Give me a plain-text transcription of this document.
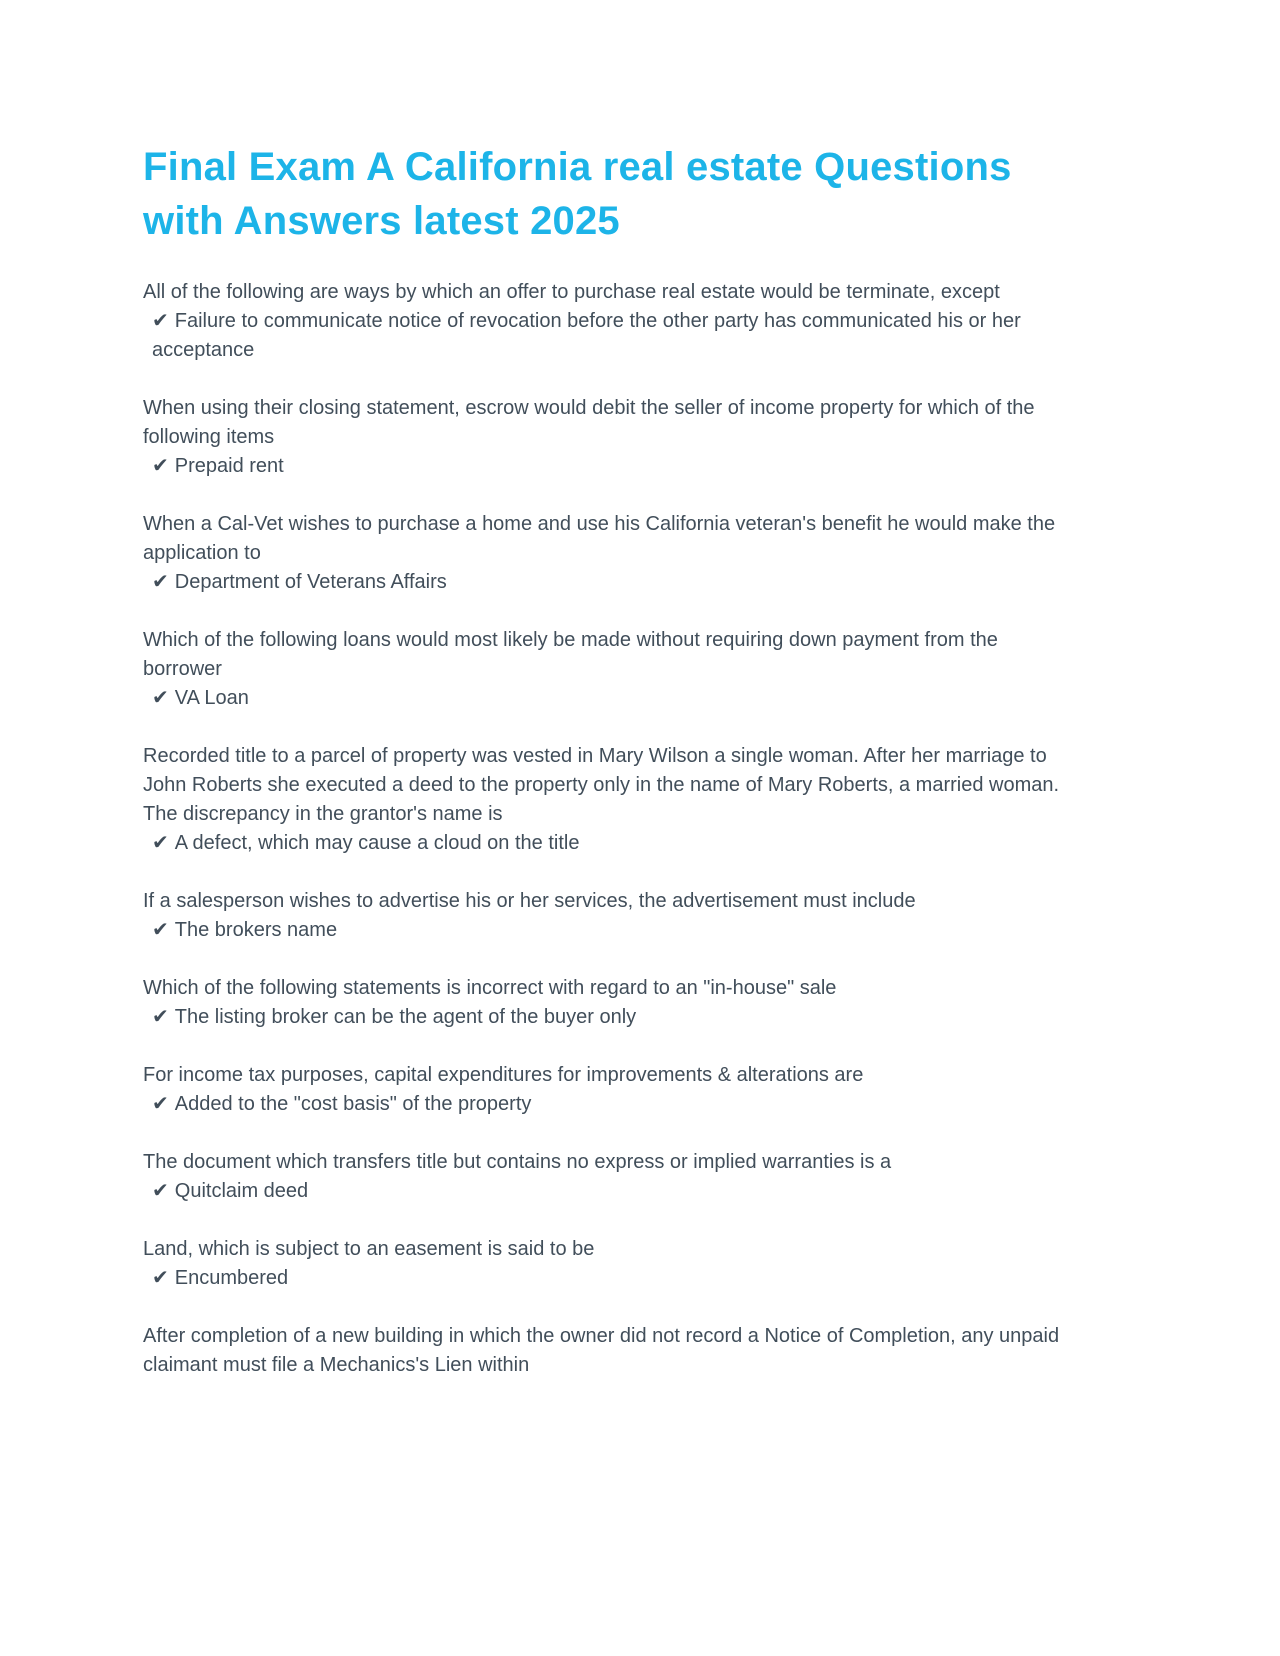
Final Exam A California real estate Questions with Answers latest 2025
All of the following are ways by which an offer to purchase real estate would be terminate, except
✔ Failure to communicate notice of revocation before the other party has communicated his or her acceptance
When using their closing statement, escrow would debit the seller of income property for which of the following items
✔ Prepaid rent
When a Cal-Vet wishes to purchase a home and use his California veteran's benefit he would make the application to
✔ Department of Veterans Affairs
Which of the following loans would most likely be made without requiring down payment from the borrower
✔ VA Loan
Recorded title to a parcel of property was vested in Mary Wilson a single woman. After her marriage to John Roberts she executed a deed to the property only in the name of Mary Roberts, a married woman. The discrepancy in the grantor's name is
✔ A defect, which may cause a cloud on the title
If a salesperson wishes to advertise his or her services, the advertisement must include
✔ The brokers name
Which of the following statements is incorrect with regard to an "in-house" sale
✔ The listing broker can be the agent of the buyer only
For income tax purposes, capital expenditures for improvements & alterations are
✔ Added to the "cost basis" of the property
The document which transfers title but contains no express or implied warranties is a
✔ Quitclaim deed
Land, which is subject to an easement is said to be
✔ Encumbered
After completion of a new building in which the owner did not record a Notice of Completion, any unpaid claimant must file a Mechanics's Lien within
